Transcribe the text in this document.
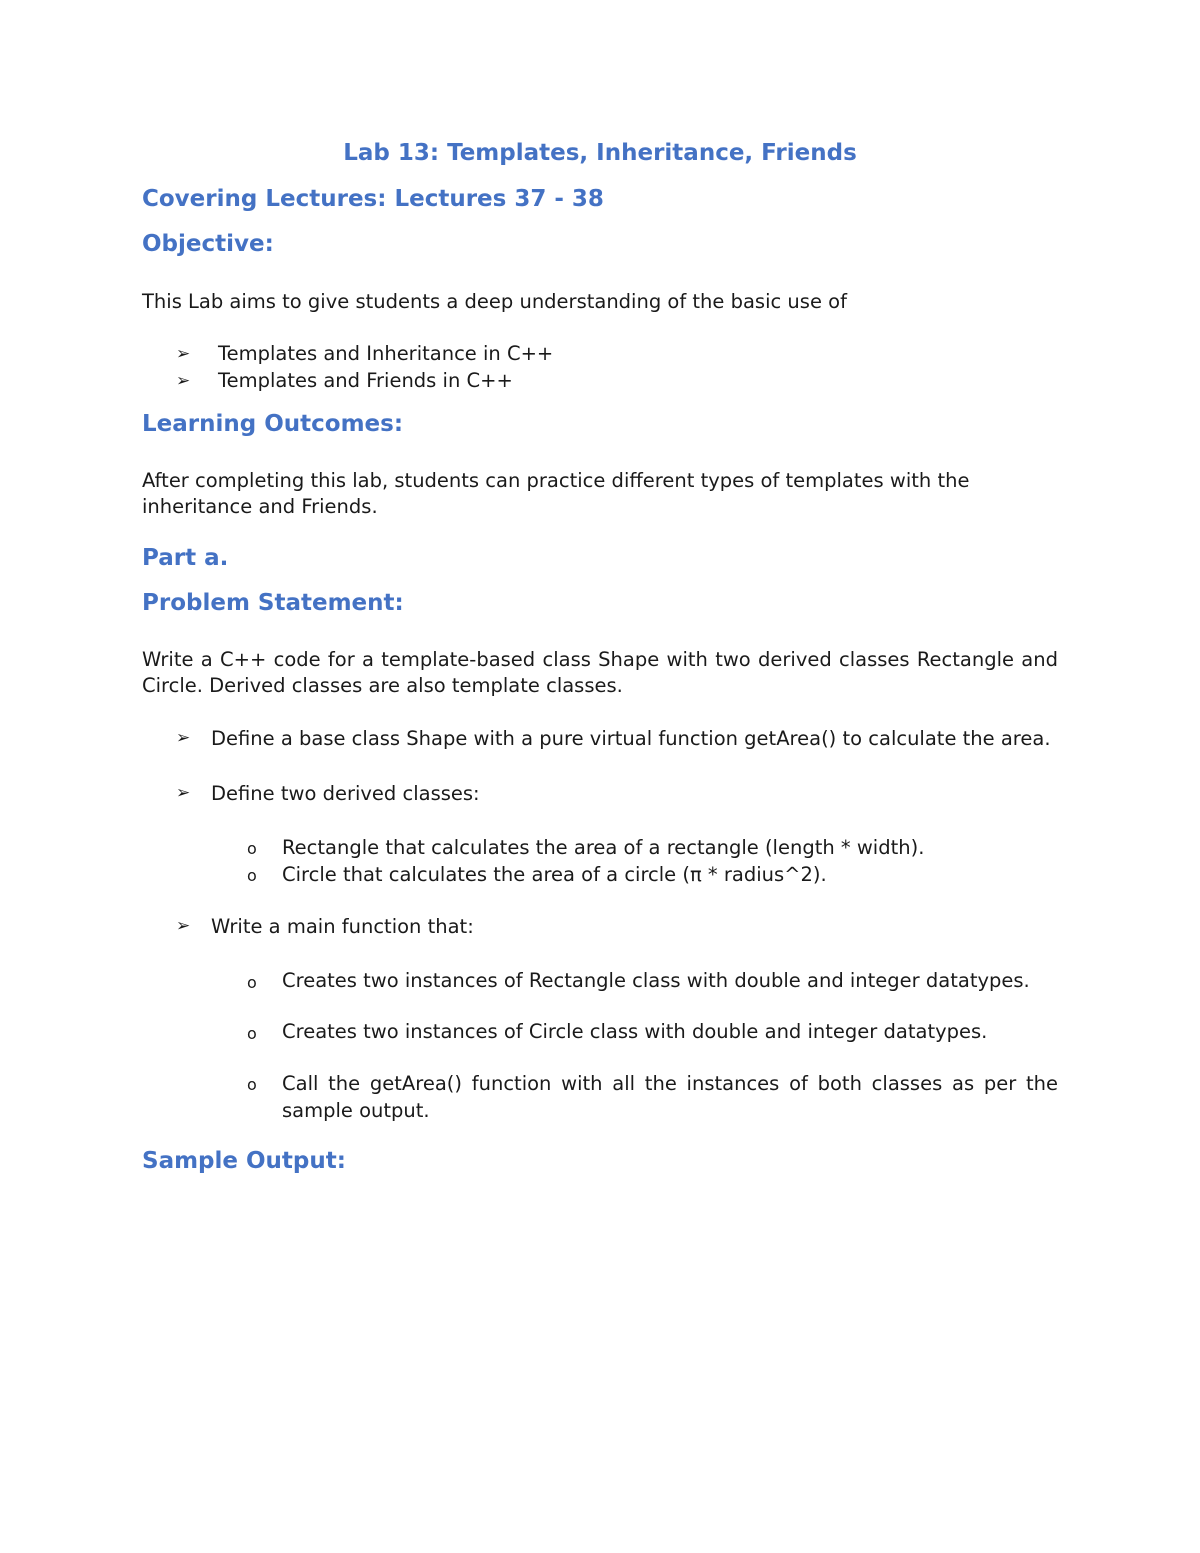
Lab 13: Templates, Inheritance, Friends
Covering Lectures: Lectures 37 - 38
Objective:
This Lab aims to give students a deep understanding of the basic use of
➢ Templates and Inheritance in C++
➢ Templates and Friends in C++
Learning Outcomes:
After completing this lab, students can practice different types of templates with the inheritance and Friends.
Part a.
Problem Statement:
Write a C++ code for a template-based class Shape with two derived classes Rectangle and Circle. Derived classes are also template classes.
➢ Define a base class Shape with a pure virtual function getArea() to calculate the area.
➢ Define two derived classes:
o Rectangle that calculates the area of a rectangle (length * width).
o Circle that calculates the area of a circle (π * radius^2).
➢ Write a main function that:
o Creates two instances of Rectangle class with double and integer datatypes.
o Creates two instances of Circle class with double and integer datatypes.
o Call the getArea() function with all the instances of both classes as per the sample output.
Sample Output:
